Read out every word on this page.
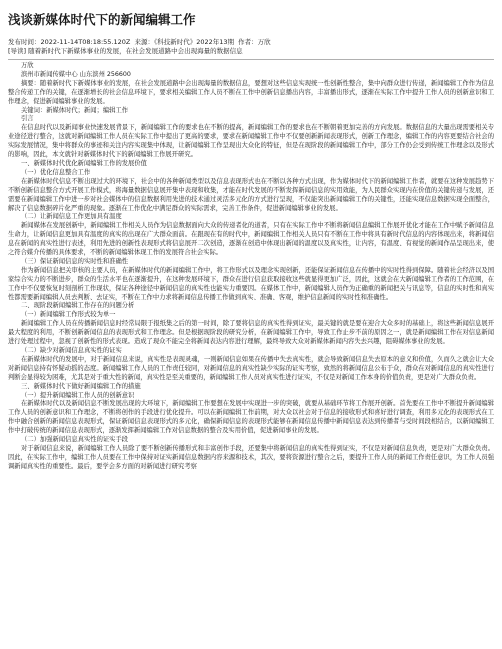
浅谈新媒体时代下的新闻编辑工作

发布时间：2022-11-14T08:18:55.120Z 来源：《科技新时代》2022年13期 作者：万欣

[导读] 随着新时代下新媒体事业的发展，在社会发展道路中会出现海量的数据信息

万欣

滨州市新闻传媒中心 山东滨州 256600

摘要：随着新时代下新媒体事业的发展，在社会发展道路中会出现海量的数据信息，要想对这些信息实现统一性创新性整合，集中向群众进行传递，新闻编辑工作作为信息整合传递工作的关键，在逐渐增长的社会信息环境下，要求相关编辑工作人员不断在工作中创新信息播出内容，丰富播出形式，逐渐在实际工作中提升工作人员的创新意识和工作理念，促进新闻编辑事业的发展。

关键词：新媒体时代；新闻；编辑工作

引言

在信息时代以及新闻事业快速发展背景下，新闻编辑工作的要求也在不断的提高，新闻编辑工作的要求也在不断朝着更加完善的方向发展。数据信息的大量出现需要相关专业途径进行整合，这就对新闻编辑工作人员在实际工作中提出了更高的要求，要求在新闻编辑工作中不仅要创新新闻表现形式，创新工作理念，编辑工作的内容更要结合社会的实际发展情况，集中将群众的事迹和关注内容实现集中体现，让新闻编辑工作呈现出大众化的特征，但是在现阶段的新闻编辑工作中，部分工作仍会受到传统工作理念以及形式的影响，因此，本文就针对新媒体时代下的新闻编辑工作展开研究。

一、新媒体时代优化新闻编辑工作的发展价值

（一）优化信息整合工作

在新媒体时代信息不断出现过大的环境下，社会中的各种新闻类型以及信息表现形式也在不断以各种方式出现，作为媒体时代下的新闻编辑工作者，就要在这种发展趋势下不断创新信息整合方式开展工作模式，将海量数据信息展开集中表现和收集，才能在时代发展的不断发挥新闻信息的实用效能，为人民群众实现内在价值的关键传递与发展，还需要在新闻编辑工作中进一步对社会媒体中的信息数据利用先进的技术通过灵活多元化的方式进行呈现，不仅能突出新闻编辑工作的关键性，还能实现信息数据实现全面整合，解决了信息数据碎片化严重的现象。逐渐在工作优化中满足群众的实际需求，完善工作条件，促进新闻编辑事业的发展。

（二）让新闻信息工作更加具有温度

新闻媒体在发展创新中，新闻编辑工作相关人员作为信息数据面向大众的传递者化的道者，只有在实际工作中不断将新闻信息编辑工作展开优化才能在工作中赋予新闻信息生命力，让新闻信息更加具有温度的真实的出现在广大群众面前。在跟现在有的时代中，新闻编辑工作相关人员只有不断在工作中将具有新时代信息的内容体现出来，将新闻信息在新闻的真实性进行表述，利用先进的创新性表现形式将信息展开二次创造，逐渐在创造中体现出新闻的温度以及真实性，让内容，有温度、有视觉的新闻作品呈现出来，使之符合媒介传播的具体要求，不断的新闻编辑体现工作的发展符合社会实际。

（三）保证新闻信息的实时性和准确性

作为新闻信息把关审核的主要人员，在新媒体时代的新闻编辑工作中，将工作形式以及理念实现创新，还能保证新闻信息在传播中的实时性得到保障。随着社会经济以及国家综合实力的不断进步，群众的生活水平也在逐渐提升，在这种发展环境下，群众在进行信息获取接收这些就显得更加广泛，因此，这就会在大新闻编辑工作者的工作范围，在工作中不仅要恢复时刻剖析工作现状，保证各种途径中新闻信息的真实性也能实力重要因。在媒体工作中，新闻编辑人员作为正确重的新闻把关与讯息等，信息的实时性和真实性都需要新闻编辑人员去判断、去证实，不断在工作中力求将新闻信息传播工作做到真实、准确、客观，维护信息新闻的实时性和准确性。

二、现阶段新闻编辑工作存在的问题分析

（一）新闻编辑工作形式较为单一

新闻编辑工作人员在传播新闻信息时经常局限于报纸集之后的第一时间，除了要将信息的真实性得到证实，最关键的就是要在迎合大众多时的基础上，将这些新闻信息展开最大程度的利用，不断创新新闻信息的表现形式和工作理念。但是根据现阶段的研究分析，在新闻编辑工作中，导致工作止步不前的原因之一，就是新闻编辑工作在对信息新闻进行处理过程中，忽视了创新性的形式表现。造成了现众不能完全将新闻表达内容进行理解，最终导致大众对新媒体新闻内容失去兴趣，阻碍媒体事业的发展。

（二）缺少对新闻信息真实性的证实

在新媒体时代的发展中，对于新闻信息来说，真实性是表现灵魂，一则新闻信息如果在传播中失去真实性，就会导致新闻信息失去原本的意义和价值，久而久之就会让大众对新闻信息持有怀疑动摇的态度。新闻编辑工作人员的工作责任较同，对新闻信息的真实性缺少实际的证实考察，致然的将新闻信息公布于众，群众在对新闻信息的真实性进行判断会显得较为困难，尤其是对于重大性的新闻，真实性是至关重要的，新闻编辑工作人员对真实性进行证实，不仅是对新闻工作本身的价值负责，更是对广大群众负责。

三、新媒体时代下做好新闻编辑工作的措施

（一）提升新闻编辑工作人员的创新意识

在新媒体时代以及新闻信息不断发展出现的大环境下，新闻编辑工作要想在发展中实现进一步的突破，就要从基础环节将工作展开创新。首先要在工作中不断提升新闻编辑工作人员的创新意识和工作理念，不断将创作的手段进行优化提升。可以在新闻编辑工作前期，对大众以社会对于信息的接收形式和喜好进行调查，利用多元化的表现形式在工作中融合创新的新闻信息表现形式，保证新闻信息表现形式的多元化，确保新闻信息的表现形式能够在新闻信息传播中新闻信息表达到传播者与受时间段相结合，以新闻编辑工作中打破传统的新闻信息表现形式，逐渐发挥新闻编辑工作对信息数据的整合及实用价值，促进新闻事业的发展。

（二）加强新闻信息真实性的证实手段

对于新闻信息来说，新闻编辑工作人员除了要不断创新传播形式和丰富创作手段，还要集中将新闻信息的真实性得到证实，不仅是对新闻信息负责，更是对广大群众负责。因此，在实际工作中，编辑工作人员要在工作中保持对证实新闻信息数据内容来源和技术，其次，要将资源进行整合之后，要提升工作人员的新闻工作责任意识，为工作人员强调新闻真实性的重要性。最后，要学会多方面的对新闻进行研究考察
